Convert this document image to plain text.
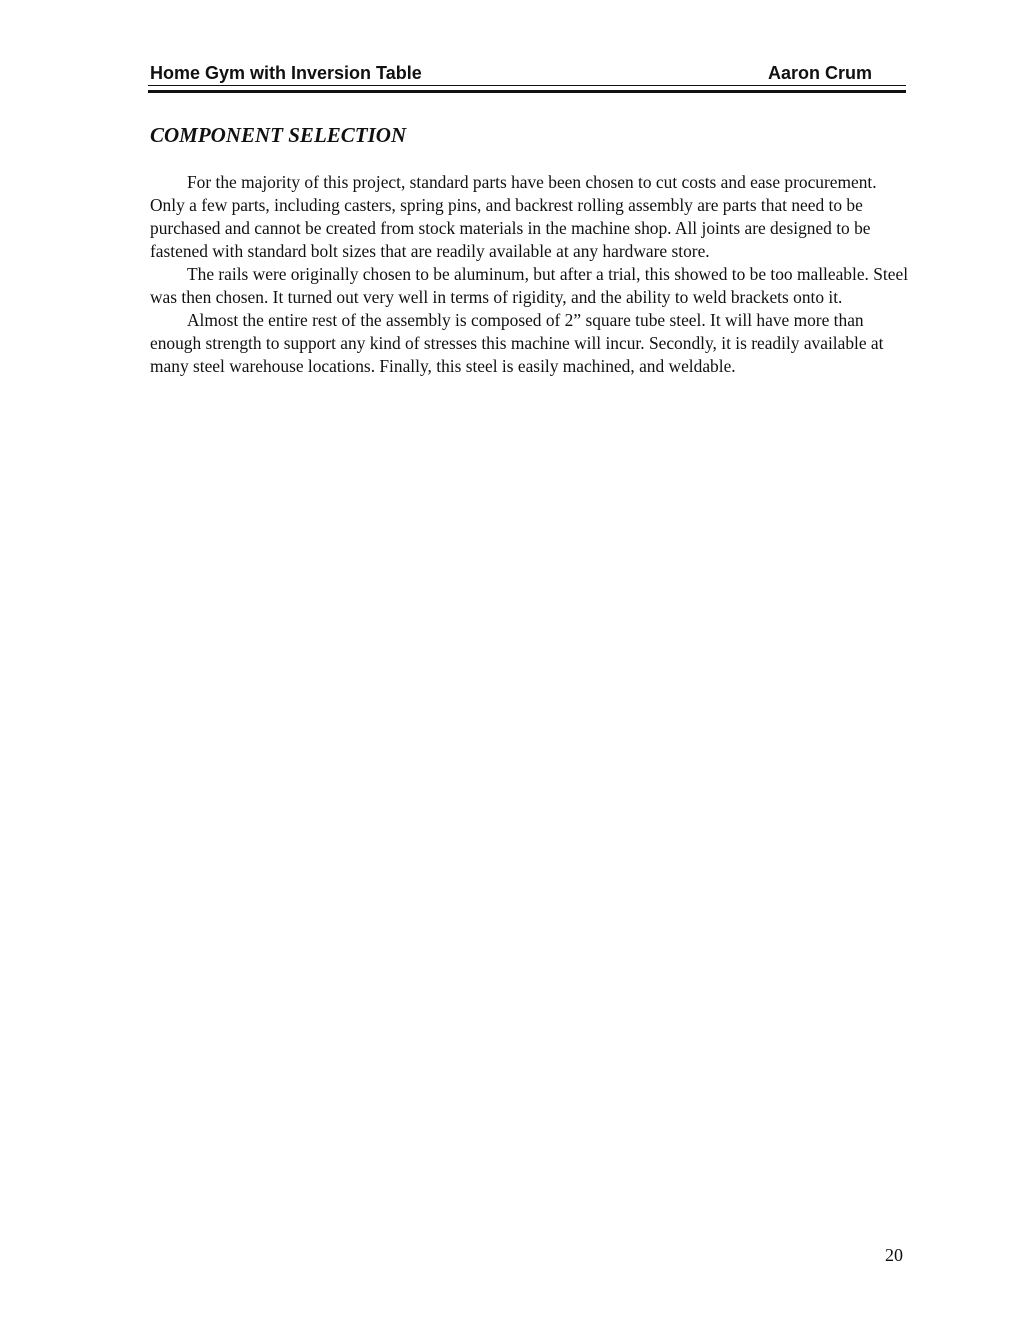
Home Gym with Inversion Table	Aaron Crum
COMPONENT SELECTION

For the majority of this project, standard parts have been chosen to cut costs and ease procurement. Only a few parts, including casters, spring pins, and backrest rolling assembly are parts that need to be purchased and cannot be created from stock materials in the machine shop. All joints are designed to be fastened with standard bolt sizes that are readily available at any hardware store.

The rails were originally chosen to be aluminum, but after a trial, this showed to be too malleable. Steel was then chosen. It turned out very well in terms of rigidity, and the ability to weld brackets onto it.

Almost the entire rest of the assembly is composed of 2” square tube steel. It will have more than enough strength to support any kind of stresses this machine will incur. Secondly, it is readily available at many steel warehouse locations. Finally, this steel is easily machined, and weldable.

20
